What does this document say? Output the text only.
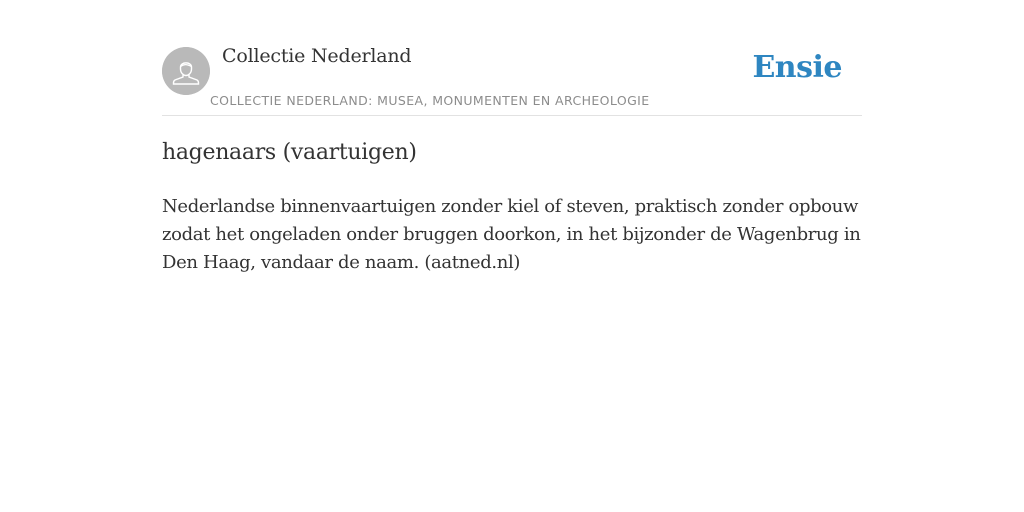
Collectie Nederland
COLLECTIE NEDERLAND: MUSEA, MONUMENTEN EN ARCHEOLOGIE
Ensie
hagenaars (vaartuigen)

Nederlandse binnenvaartuigen zonder kiel of steven, praktisch zonder opbouw zodat het ongeladen onder bruggen doorkon, in het bijzonder de Wagenbrug in Den Haag, vandaar de naam. (aatned.nl)
